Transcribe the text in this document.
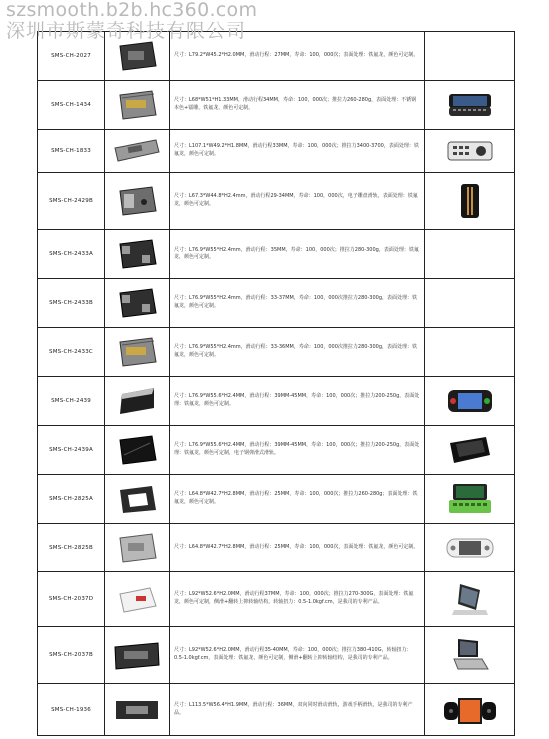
szsmooth.b2b.hc360.com
深圳市斯蒙奇科技有限公司
SMS-CH-2027		尺寸：L79.2*W45.2*H2.0MM，滑动行程：27MM，寿命：100，000次；表面处理：铁氟龙，颜色可定制。	
SMS-CH-1434		尺寸：L68*W51*H1.33MM，滑动行程34MM，寿命：100，000次；推拉力260-280g，表面处理：不锈钢本色+镭雕，铁氟龙，颜色可定制。	

SMS-CH-1833		尺寸：L107.1*W49.2*H1.8MM，滑动行程33MM，寿命：100，000次；推拉力3400-3700，表面处理：铁氟龙，颜色可定制。	

SMS-CH-2429B		尺寸：L67.3*W44.8*H2.4mm，滑动行程29-34MM，寿命：100，000次，电子雕盘滑轨，表面处理：铁氟龙，颜色可定制。	

SMS-CH-2433A		尺寸：L76.9*W55*H2.4mm，滑动行程：35MM，寿命：100，000次；推拉力280-300g，表面处理：铁氟龙，颜色可定制。	
SMS-CH-2433B		尺寸：L76.9*W55*H2.4mm，滑动行程：33-37MM，寿命：100，000次推拉力280-300g，表面处理：铁氟龙，颜色可定制。	
SMS-CH-2433C		尺寸：L76.9*W55*H2.4mm，滑动行程：33-36MM，寿命：100，000次推拉力280-300g，表面处理：铁氟龙，颜色可定制。	
SMS-CH-2439		尺寸：L76.9*W55.6*H2.4MM，滑动行程：39MM-45MM，寿命：100，000次；推拉力200-250g，表面处理：铁氟龙，颜色可定制。	

SMS-CH-2439A		尺寸：L76.9*W55.6*H2.4MM，滑动行程：39MM-45MM，寿命：100，000次；推拉力200-250g，表面处理：铁氟龙，颜色可定制，电子钢弹滑式滑轨。	

SMS-CH-2825A		尺寸：L64.8*W42.7*H2.8MM，滑动行程：25MM，寿命：100，000次；推拉力260-280g；表面处理：铁氟龙，颜色可定制。	

SMS-CH-2825B		尺寸：L64.8*W42.7*H2.8MM，滑动行程：25MM，寿命：100，000次，表面处理：铁氟龙，颜色可定制。	

SMS-CH-2037D		尺寸：L92*W52.6*H2.0MM，滑动行程37MM，寿命：100，000次；推拉力270-300G，表面处理：铁氟龙，颜色可定制，侧滑+翻转上抑转轴结构，转轴扭力：0.5-1.0kgf.cm，是我司的专利产品。	

SMS-CH-2037B		尺寸：L92*W52.6*H2.0MM，滑动行程35-40MM，寿命：100，000次；推拉力380-410G，转轴扭力：0.5-1.0kgf.cm，表面处理：铁氟龙，颜色可定制，侧滑+翻转上抑转轴结构，是我司的专利产品。	

SMS-CH-1936		尺寸：L113.5*W56.4*H1.9MM，滑动行程：36MM，双向同时滑动滑轨，游戏手柄滑轨，是我司的专利产品。	
